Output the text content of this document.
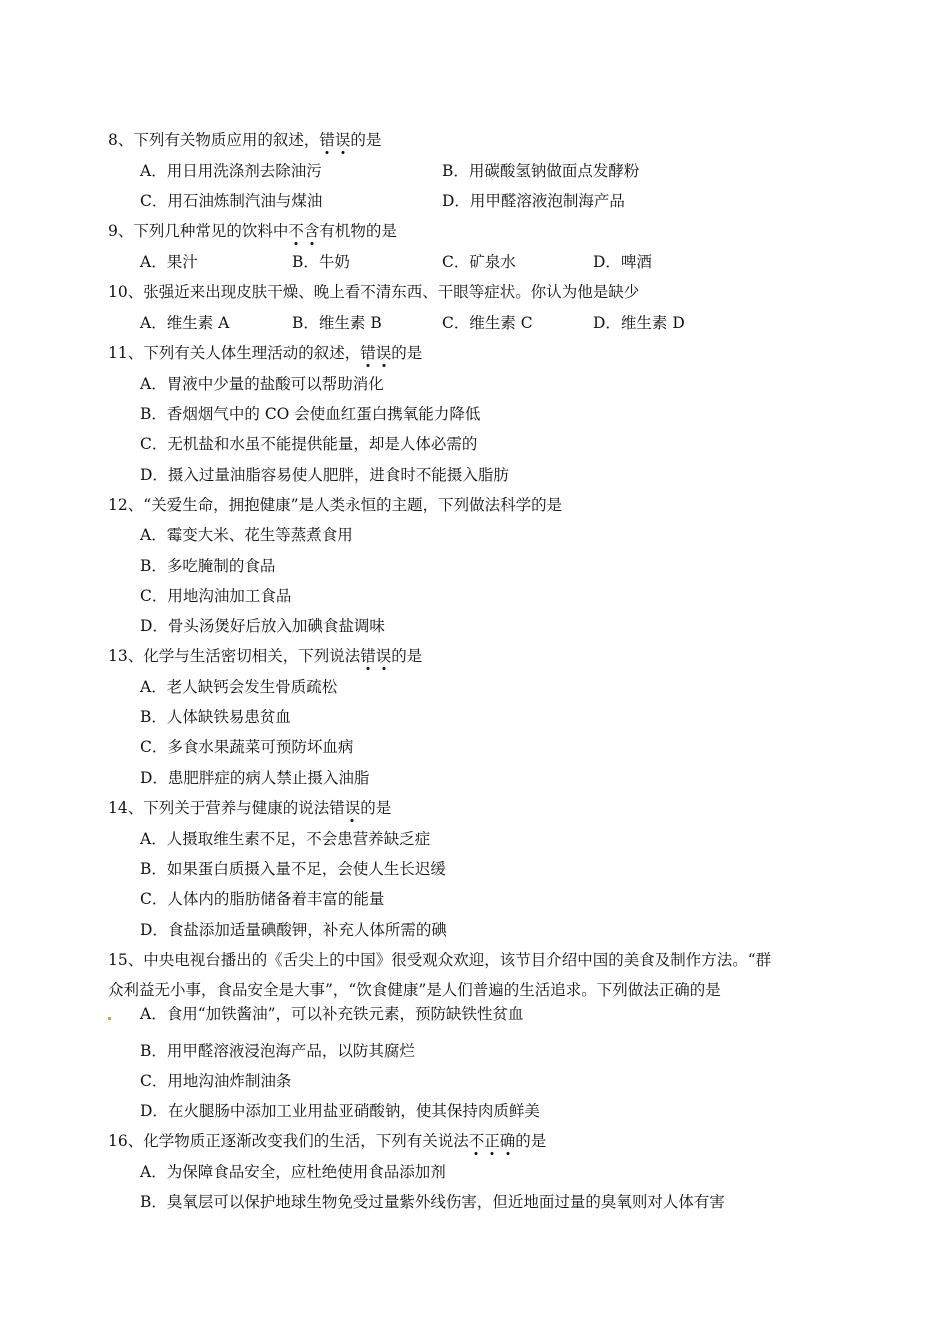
8、下列有关物质应用的叙述，错误的是
A．用日用洗涤剂去除油污	B．用碳酸氢钠做面点发酵粉
C．用石油炼制汽油与煤油	D．用甲醛溶液泡制海产品
9、下列几种常见的饮料中不含有机物的是
A．果汁	B．牛奶	C．矿泉水	D．啤酒
10、张强近来出现皮肤干燥、晚上看不清东西、干眼等症状。你认为他是缺少
A．维生素 A	B．维生素 B	C．维生素 C	D．维生素 D
11、下列有关人体生理活动的叙述，错误的是
A．胃液中少量的盐酸可以帮助消化
B．香烟烟气中的 CO 会使血红蛋白携氧能力降低
C．无机盐和水虽不能提供能量，却是人体必需的
D．摄入过量油脂容易使人肥胖，进食时不能摄入脂肪
12、“关爱生命，拥抱健康”是人类永恒的主题，下列做法科学的是
A．霉变大米、花生等蒸煮食用
B．多吃腌制的食品
C．用地沟油加工食品
D．骨头汤煲好后放入加碘食盐调味
13、化学与生活密切相关，下列说法错误的是
A．老人缺钙会发生骨质疏松
B．人体缺铁易患贫血
C．多食水果蔬菜可预防坏血病
D．患肥胖症的病人禁止摄入油脂
14、下列关于营养与健康的说法错误的是
A．人摄取维生素不足，不会患营养缺乏症
B．如果蛋白质摄入量不足，会使人生长迟缓
C．人体内的脂肪储备着丰富的能量
D．食盐添加适量碘酸钾，补充人体所需的碘
15、中央电视台播出的《舌尖上的中国》很受观众欢迎，该节目介绍中国的美食及制作方法。“群
众利益无小事，食品安全是大事”，“饮食健康”是人们普遍的生活追求。下列做法正确的是
A．食用“加铁酱油”，可以补充铁元素，预防缺铁性贫血
B．用甲醛溶液浸泡海产品，以防其腐烂
C．用地沟油炸制油条
D．在火腿肠中添加工业用盐亚硝酸钠，使其保持肉质鲜美
16、化学物质正逐渐改变我们的生活，下列有关说法不正确的是
A．为保障食品安全，应杜绝使用食品添加剂
B．臭氧层可以保护地球生物免受过量紫外线伤害，但近地面过量的臭氧则对人体有害
